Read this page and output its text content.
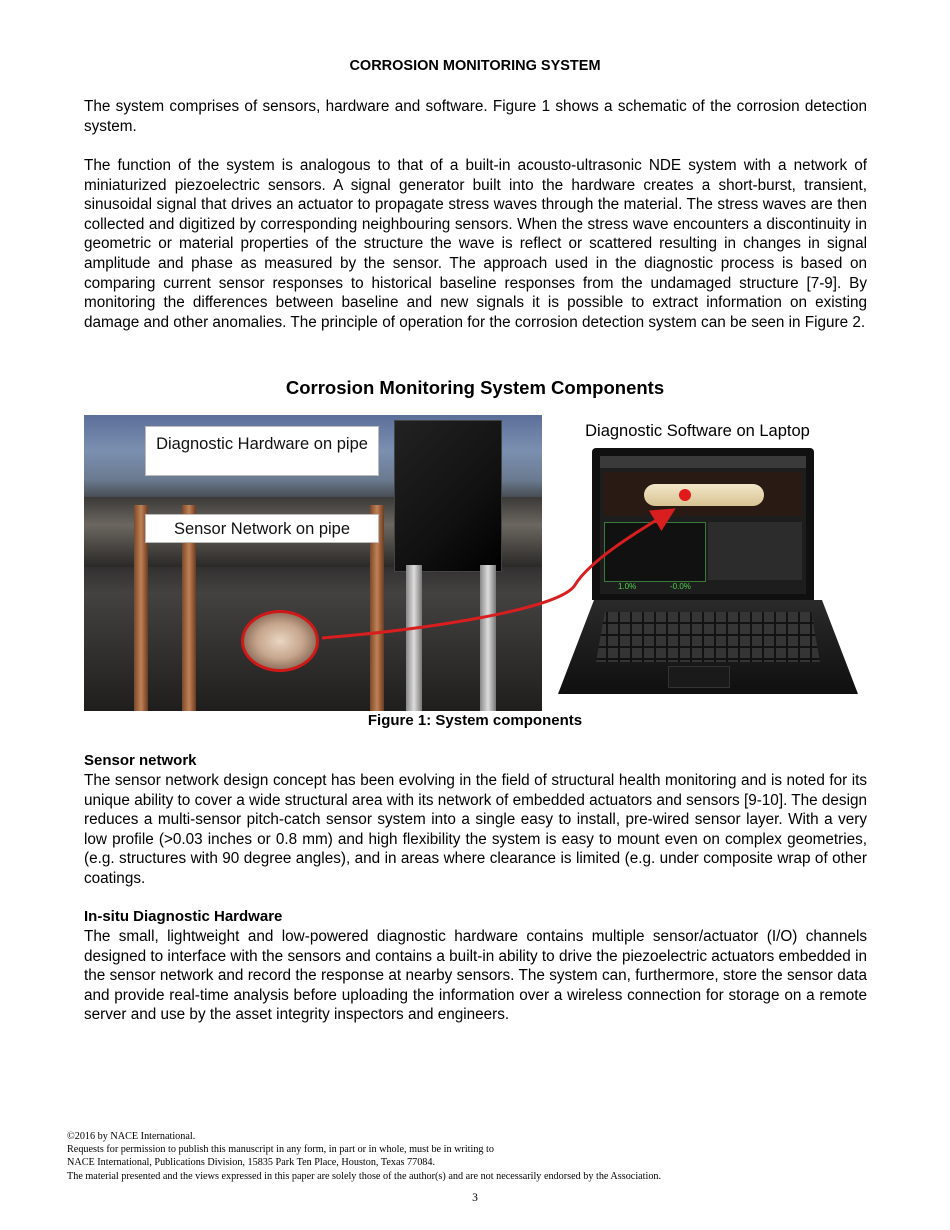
CORROSION MONITORING SYSTEM

The system comprises of sensors, hardware and software. Figure 1 shows a schematic of the corrosion detection system.

The function of the system is analogous to that of a built-in acousto-ultrasonic NDE system with a network of miniaturized piezoelectric sensors. A signal generator built into the hardware creates a short-burst, transient, sinusoidal signal that drives an actuator to propagate stress waves through the material. The stress waves are then collected and digitized by corresponding neighbouring sensors. When the stress wave encounters a discontinuity in geometric or material properties of the structure the wave is reflect or scattered resulting in changes in signal amplitude and phase as measured by the sensor. The approach used in the diagnostic process is based on comparing current sensor responses to historical baseline responses from the undamaged structure [7-9]. By monitoring the differences between baseline and new signals it is possible to extract information on existing damage and other anomalies. The principle of operation for the corrosion detection system can be seen in Figure 2.

Corrosion Monitoring System Components
Diagnostic Hardware on pipe
Sensor Network on pipe
Diagnostic Software on Laptop
1.0%	-0.0%
Figure 1: System components
Sensor network

The sensor network design concept has been evolving in the field of structural health monitoring and is noted for its unique ability to cover a wide structural area with its network of embedded actuators and sensors [9-10]. The design reduces a multi-sensor pitch-catch sensor system into a single easy to install, pre-wired sensor layer. With a very low profile (>0.03 inches or 0.8 mm) and high flexibility the system is easy to mount even on complex geometries, (e.g. structures with 90 degree angles), and in areas where clearance is limited (e.g. under composite wrap of other coatings.

In-situ Diagnostic Hardware

The small, lightweight and low-powered diagnostic hardware contains multiple sensor/actuator (I/O) channels designed to interface with the sensors and contains a built-in ability to drive the piezoelectric actuators embedded in the sensor network and record the response at nearby sensors. The system can, furthermore, store the sensor data and provide real-time analysis before uploading the information over a wireless connection for storage on a remote server and use by the asset integrity inspectors and engineers.

©2016 by NACE International.
Requests for permission to publish this manuscript in any form, in part or in whole, must be in writing to
NACE International, Publications Division, 15835 Park Ten Place, Houston, Texas 77084.
The material presented and the views expressed in this paper are solely those of the author(s) and are not necessarily endorsed by the Association.
3
